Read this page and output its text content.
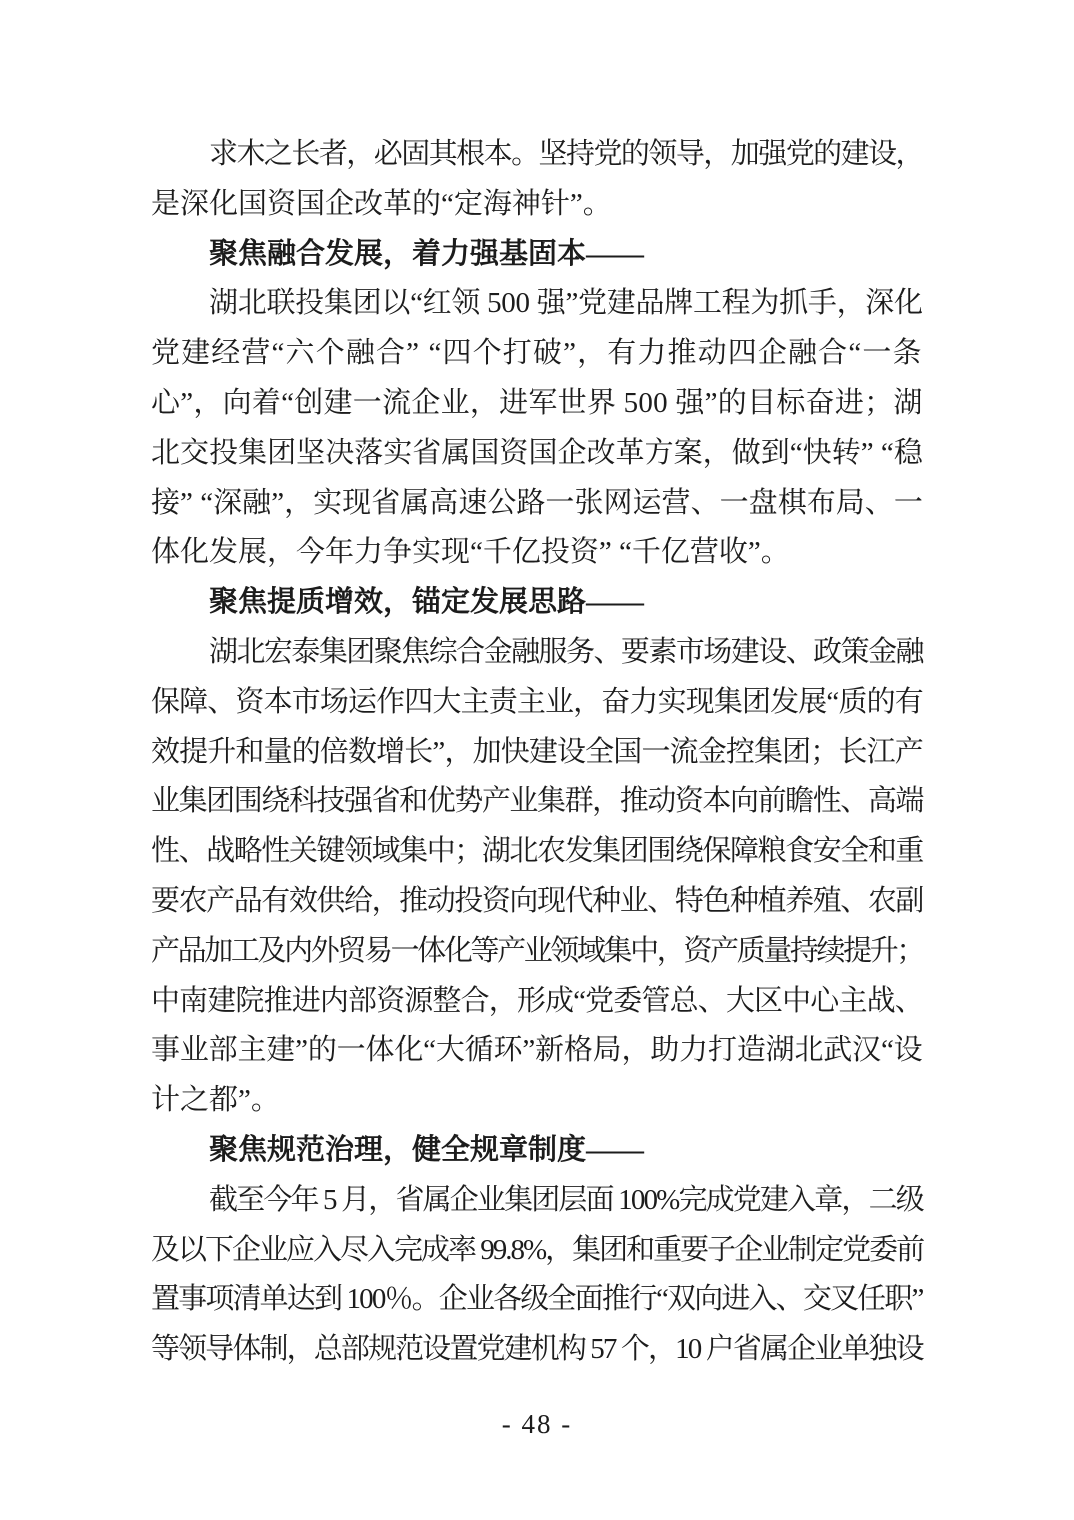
求木之长者，必固其根本。坚持党的领导，加强党的建设，
是深化国资国企改革的“定海神针”。
聚焦融合发展，着力强基固本——
湖北联投集团以“红领 500 强”党建品牌工程为抓手，深化
党建经营“六个融合” “四个打破”，有力推动四企融合“一条
心”，向着“创建一流企业，进军世界 500 强”的目标奋进；湖
北交投集团坚决落实省属国资国企改革方案，做到“快转” “稳
接” “深融”，实现省属高速公路一张网运营、一盘棋布局、一
体化发展，今年力争实现“千亿投资” “千亿营收”。
聚焦提质增效，锚定发展思路——
湖北宏泰集团聚焦综合金融服务、要素市场建设、政策金融
保障、资本市场运作四大主责主业，奋力实现集团发展“质的有
效提升和量的倍数增长”，加快建设全国一流金控集团；长江产
业集团围绕科技强省和优势产业集群，推动资本向前瞻性、高端
性、战略性关键领域集中；湖北农发集团围绕保障粮食安全和重
要农产品有效供给，推动投资向现代种业、特色种植养殖、农副
产品加工及内外贸易一体化等产业领域集中，资产质量持续提升；
中南建院推进内部资源整合，形成“党委管总、大区中心主战、
事业部主建”的一体化“大循环”新格局，助力打造湖北武汉“设
计之都”。
聚焦规范治理，健全规章制度——
截至今年 5 月，省属企业集团层面 100%完成党建入章，二级
及以下企业应入尽入完成率 99.8%，集团和重要子企业制定党委前
置事项清单达到 100％。企业各级全面推行“双向进入、交叉任职”
等领导体制，总部规范设置党建机构 57 个，10 户省属企业单独设
- 48 -
